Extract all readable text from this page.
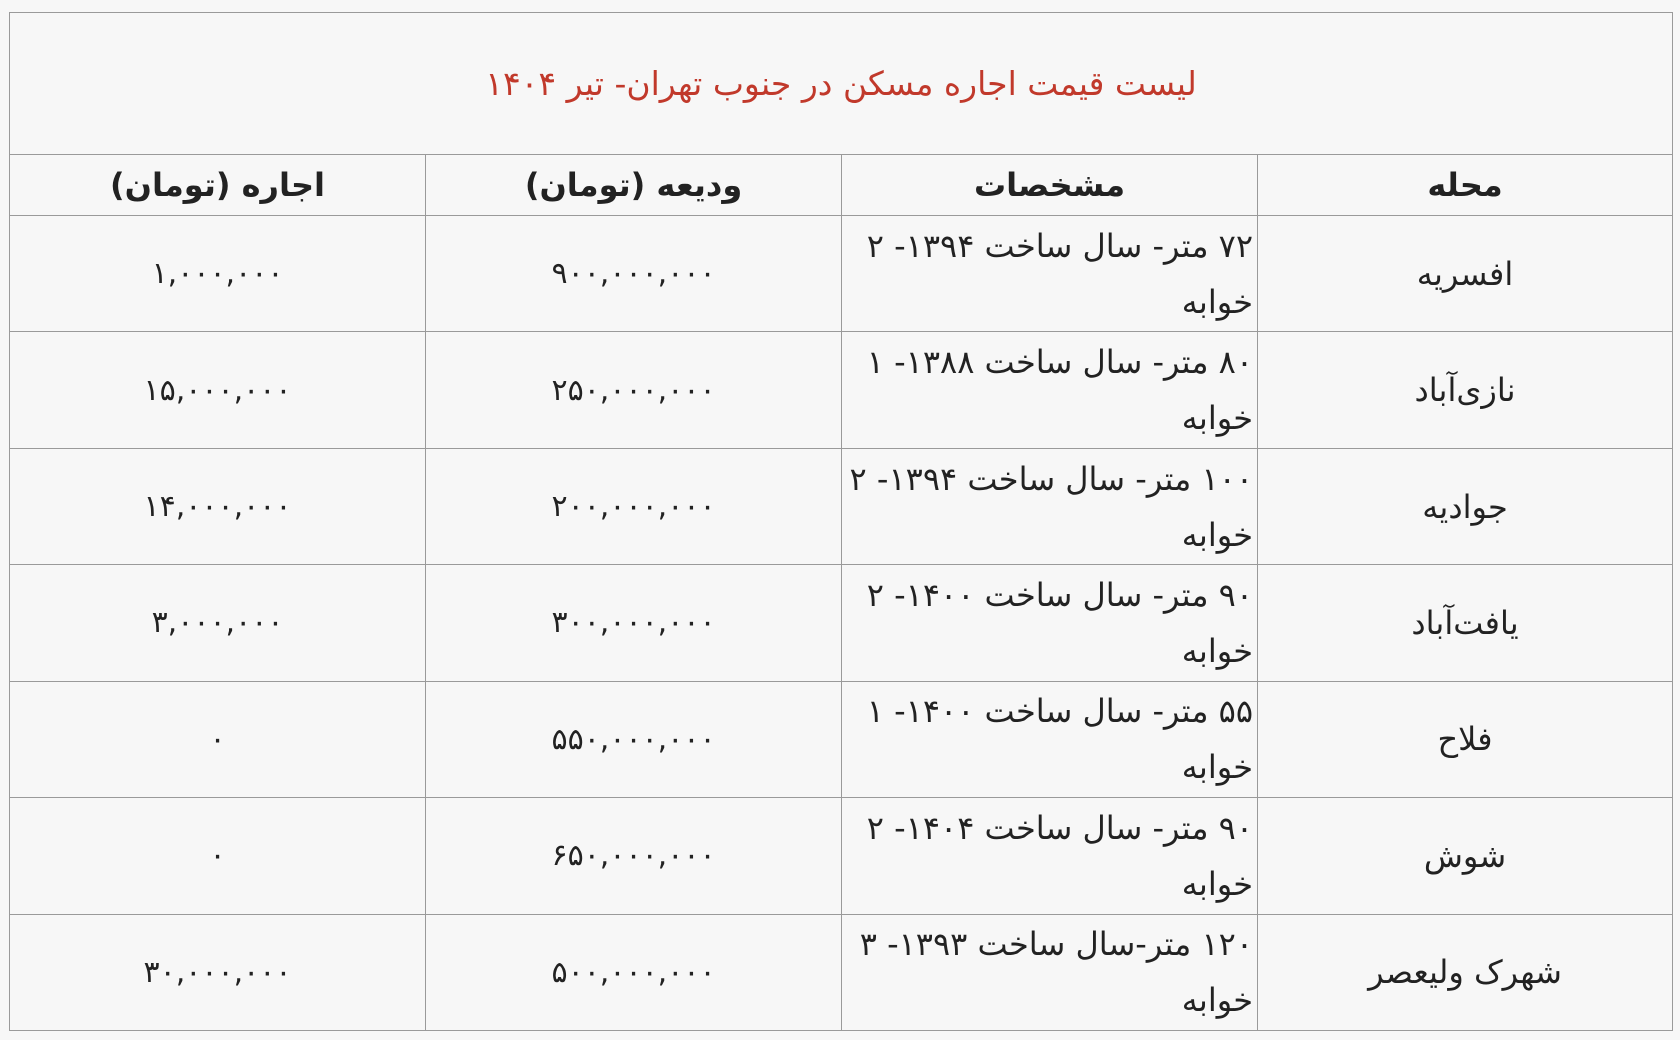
لیست قیمت اجاره مسکن در جنوب تهران- تیر ۱۴۰۴			
محله	مشخصات	ودیعه (تومان)	اجاره (تومان)
افسریه	۷۲ متر- سال ساخت ۱۳۹۴- ۲ خوابه	۹۰۰,۰۰۰,۰۰۰	۱,۰۰۰,۰۰۰
نازی‌آباد	۸۰ متر- سال ساخت ۱۳۸۸- ۱ خوابه	۲۵۰,۰۰۰,۰۰۰	۱۵,۰۰۰,۰۰۰
جوادیه	۱۰۰ متر- سال ساخت ۱۳۹۴- ۲ خوابه	۲۰۰,۰۰۰,۰۰۰	۱۴,۰۰۰,۰۰۰
یافت‌آباد	۹۰ متر- سال ساخت ۱۴۰۰- ۲ خوابه	۳۰۰,۰۰۰,۰۰۰	۳,۰۰۰,۰۰۰
فلاح	۵۵ متر- سال ساخت ۱۴۰۰- ۱ خوابه	۵۵۰,۰۰۰,۰۰۰	۰
شوش	۹۰ متر- سال ساخت ۱۴۰۴- ۲ خوابه	۶۵۰,۰۰۰,۰۰۰	۰
شهرک ولیعصر	۱۲۰ متر-سال ساخت ۱۳۹۳- ۳ خوابه	۵۰۰,۰۰۰,۰۰۰	۳۰,۰۰۰,۰۰۰
